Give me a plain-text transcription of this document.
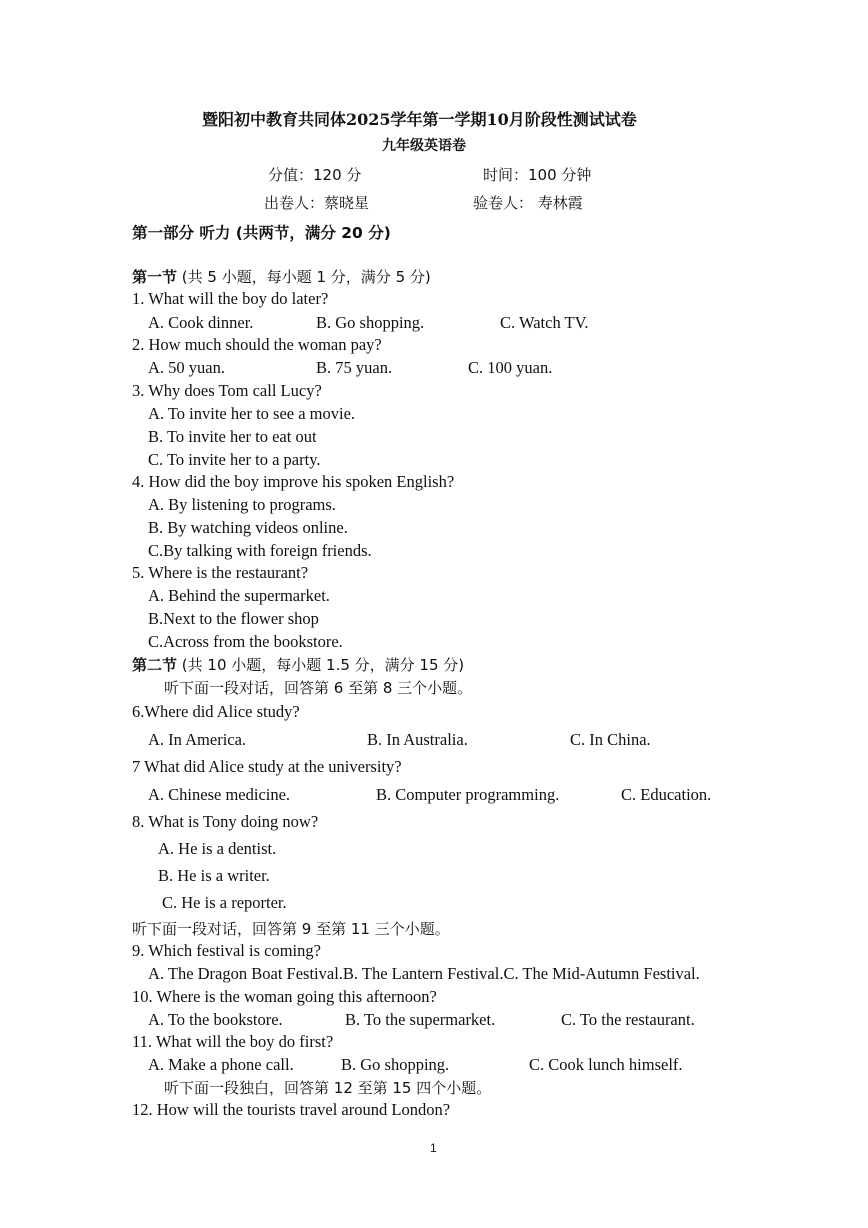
暨阳初中教育共同体2025学年第一学期10月阶段性测试试卷
九年级英语卷
分值：120 分	时间：100 分钟
出卷人：蔡晓星	验卷人： 寿林霞
第一部分 听力 (共两节，满分 20 分)
第一节 (共 5 小题，每小题 1 分，满分 5 分)
1. What will the boy do later?
A. Cook dinner.	B. Go shopping.	C. Watch TV.
2. How much should the woman pay?
A. 50 yuan.	B. 75 yuan.	C. 100 yuan.
3. Why does Tom call Lucy?
A. To invite her to see a movie.
B. To invite her to eat out
C. To invite her to a party.
4. How did the boy improve his spoken English?
A. By listening to programs.
B. By watching videos online.
C.By talking with foreign friends.
5. Where is the restaurant?
A. Behind the supermarket.
B.Next to the flower shop
C.Across from the bookstore.
第二节 (共 10 小题，每小题 1.5 分，满分 15 分)
听下面一段对话，回答第 6 至第 8 三个小题。
6.Where did Alice study?
A. In America.	B. In Australia.	C. In China.
7 What did Alice study at the university?
A. Chinese medicine.	B. Computer programming.	C. Education.
8. What is Tony doing now?
A. He is a dentist.
B. He is a writer.
C. He is a reporter.
听下面一段对话，回答第 9 至第 11 三个小题。
9. Which festival is coming?
A. The Dragon Boat Festival.B. The Lantern Festival.C. The Mid-Autumn Festival.
10. Where is the woman going this afternoon?
A. To the bookstore.	B. To the supermarket.	C. To the restaurant.
11. What will the boy do first?
A. Make a phone call.	B. Go shopping.	C. Cook lunch himself.
听下面一段独白，回答第 12 至第 15 四个小题。
12. How will the tourists travel around London?
1
